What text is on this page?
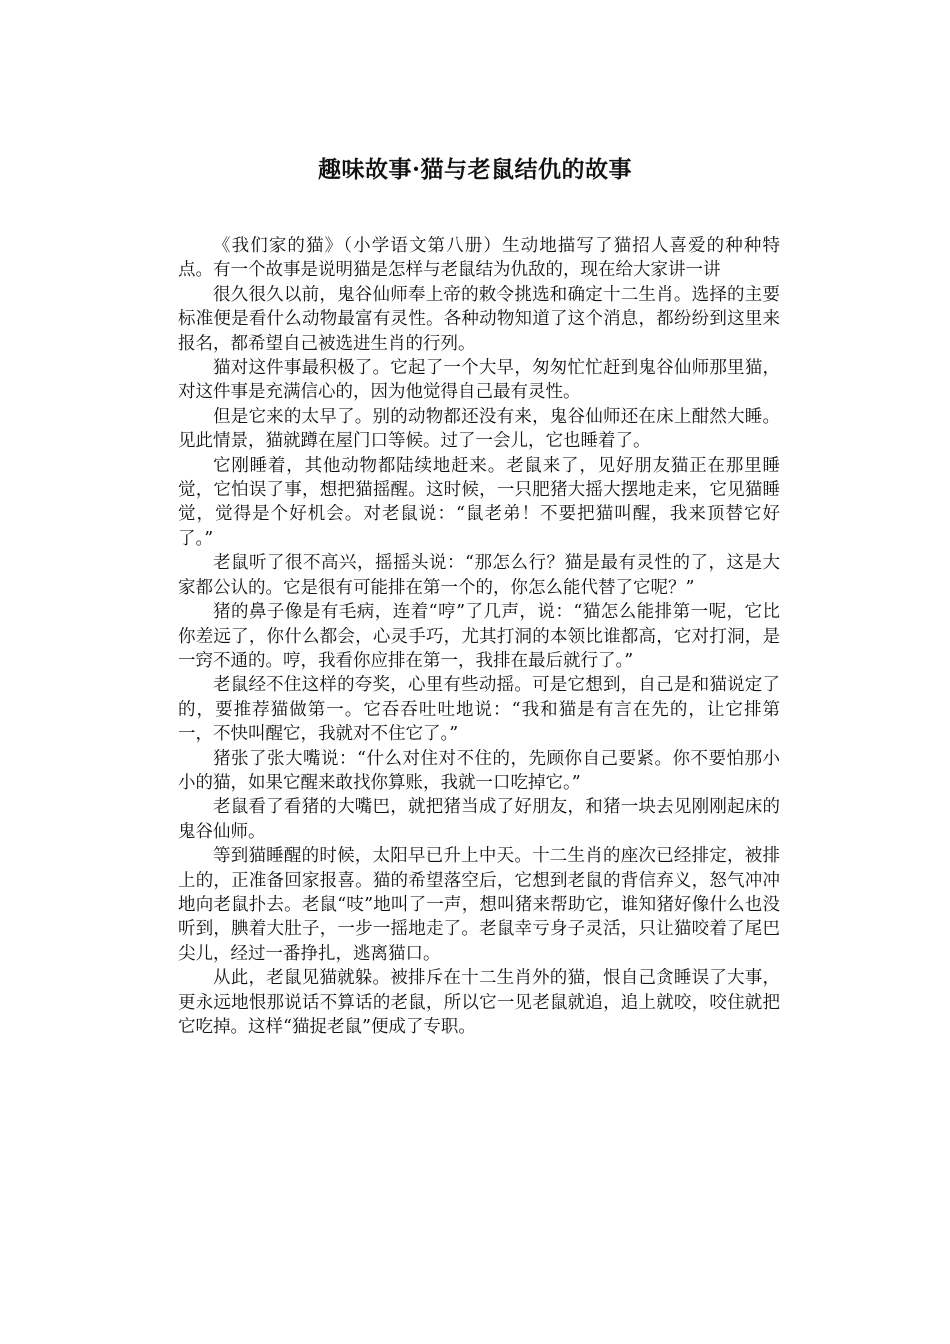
趣味故事·猫与老鼠结仇的故事

《我们家的猫》（小学语文第八册）生动地描写了猫招人喜爱的种种特点。有一个故事是说明猫是怎样与老鼠结为仇敌的，现在给大家讲一讲

很久很久以前，鬼谷仙师奉上帝的敕令挑选和确定十二生肖。选择的主要标准便是看什么动物最富有灵性。各种动物知道了这个消息，都纷纷到这里来报名，都希望自己被选进生肖的行列。

猫对这件事最积极了。它起了一个大早，匆匆忙忙赶到鬼谷仙师那里猫，对这件事是充满信心的，因为他觉得自己最有灵性。

但是它来的太早了。别的动物都还没有来，鬼谷仙师还在床上酣然大睡。见此情景，猫就蹲在屋门口等候。过了一会儿，它也睡着了。

它刚睡着，其他动物都陆续地赶来。老鼠来了，见好朋友猫正在那里睡觉，它怕误了事，想把猫摇醒。这时候，一只肥猪大摇大摆地走来，它见猫睡觉，觉得是个好机会。对老鼠说：“鼠老弟！不要把猫叫醒，我来顶替它好了。”

老鼠听了很不高兴，摇摇头说：“那怎么行？猫是最有灵性的了，这是大家都公认的。它是很有可能排在第一个的，你怎么能代替了它呢？”

猪的鼻子像是有毛病，连着“哼”了几声，说：“猫怎么能排第一呢，它比你差远了，你什么都会，心灵手巧，尤其打洞的本领比谁都高，它对打洞，是一窍不通的。哼，我看你应排在第一，我排在最后就行了。”

老鼠经不住这样的夸奖，心里有些动摇。可是它想到，自己是和猫说定了的，要推荐猫做第一。它吞吞吐吐地说：“我和猫是有言在先的，让它排第一，不快叫醒它，我就对不住它了。”

猪张了张大嘴说：“什么对住对不住的，先顾你自己要紧。你不要怕那小小的猫，如果它醒来敢找你算账，我就一口吃掉它。”

老鼠看了看猪的大嘴巴，就把猪当成了好朋友，和猪一块去见刚刚起床的鬼谷仙师。

等到猫睡醒的时候，太阳早已升上中天。十二生肖的座次已经排定，被排上的，正准备回家报喜。猫的希望落空后，它想到老鼠的背信弃义，怒气冲冲地向老鼠扑去。老鼠“吱”地叫了一声，想叫猪来帮助它，谁知猪好像什么也没听到，腆着大肚子，一步一摇地走了。老鼠幸亏身子灵活，只让猫咬着了尾巴尖儿，经过一番挣扎，逃离猫口。

从此，老鼠见猫就躲。被排斥在十二生肖外的猫，恨自己贪睡误了大事，更永远地恨那说话不算话的老鼠，所以它一见老鼠就追，追上就咬，咬住就把它吃掉。这样“猫捉老鼠”便成了专职。
